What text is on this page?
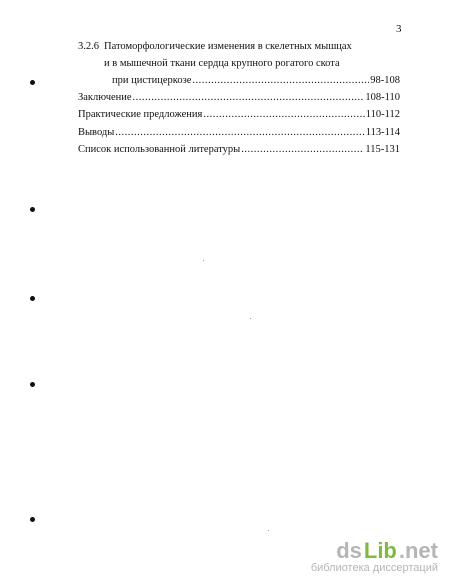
3
3.2.6 Патоморфологические изменения в скелетных мышцах
и в мышечной ткани сердца крупного рогатого скота
при цистицеркозе .....	98-108
Заключение .....	108-110
Практические предложения .....	110-112
Выводы .....	113-114
Список использованной литературы .....	115-131
ds Lib .net
библиотека диссертаций
